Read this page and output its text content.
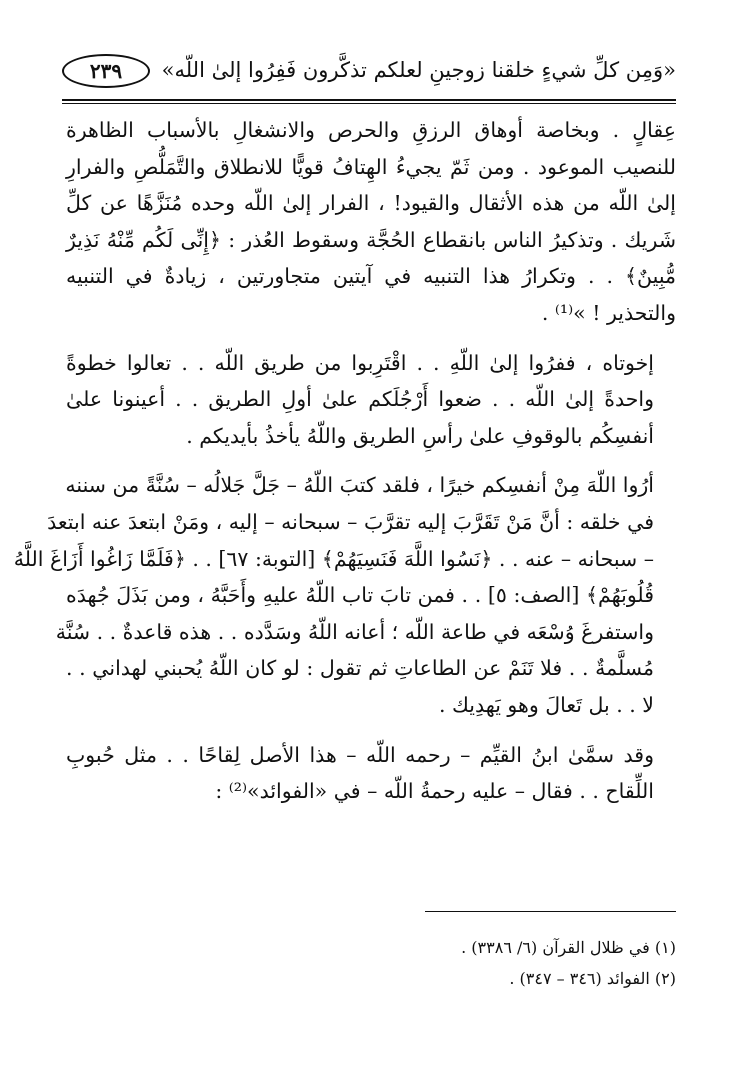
«وَمِن كلِّ شيءٍ خلقنا زوجينِ لعلكم تذكَّرون فَفِرُوا إلىٰ اللّه»
٢٣٩

عِقالٍ . وبخاصة أوهاق الرزقِ والحرص والانشغالِ بالأسباب الظاهرة
للنصيب الموعود . ومن ثَمّ يجيءُ الهِتافُ قويًّا للانطلاق والتَّمَلُّصِ والفرارِ
إلىٰ اللّه من هذه الأثقال والقيود! ، الفرار إلىٰ اللّه وحده مُنَزَّهًا عن كلِّ
شَريك . وتذكيرُ الناس بانقطاع الحُجَّة وسقوط العُذر : ﴿إِنِّى لَكُم مِّنْهُ نَذِيرٌ
مُّبِينٌ﴾ . . وتكرارُ هذا التنبيه في آيتين متجاورتين ، زيادةٌ في التنبيه
والتحذير ! »⁽¹⁾ .

إخوتاه ، ففرُوا إلىٰ اللّهِ . . اقْتَرِبوا من طريق اللّه . . تعالوا خطوةً
واحدةً إلىٰ اللّه . . ضعوا أَرْجُلَكم علىٰ أولِ الطريق . . أعينونا علىٰ
أنفسِكُم بالوقوفِ علىٰ رأسِ الطريق واللّهُ يأخذُ بأيديكم .

أرُوا اللّهَ مِنْ أنفسِكم خيرًا ، فلقد كتبَ اللّهُ – جَلَّ جَلالُه – سُنَّةً من سننه
في خلقه : أنَّ مَنْ تَقَرَّبَ إليه تقرَّبَ – سبحانه – إليه ، ومَنْ ابتعدَ عنه ابتعدَ
– سبحانه – عنه . . ﴿نَسُوا اللَّهَ فَنَسِيَهُمْ﴾ [التوبة: ٦٧] . . ﴿فَلَمَّا زَاغُوا أَزَاغَ اللَّهُ
قُلُوبَهُمْ﴾ [الصف: ٥] . . فمن تابَ تاب اللّهُ عليهِ وأَحَبَّهُ ، ومن بَذَلَ جُهدَه
واستفرغَ وُسْعَه في طاعة اللّه ؛ أعانه اللّهُ وسَدَّده . . هذه قاعدةٌ . . سُنَّة
مُسلَّمةٌ . . فلا تَنَمْ عن الطاعاتِ ثم تقول : لو كان اللّهُ يُحبني لهداني . .
لا . . بل تَعالَ وهو يَهدِيك .

وقد سمَّىٰ ابنُ القيِّم – رحمه اللّه – هذا الأصل لِقاحًا . . مثل حُبوبِ
اللِّقاح . . فقال – عليه رحمةُ اللّه – في «الفوائد»⁽²⁾ :

(١) في ظلال القرآن (٦/ ٣٣٨٦) .
(٢) الفوائد (٣٤٦ – ٣٤٧) .
